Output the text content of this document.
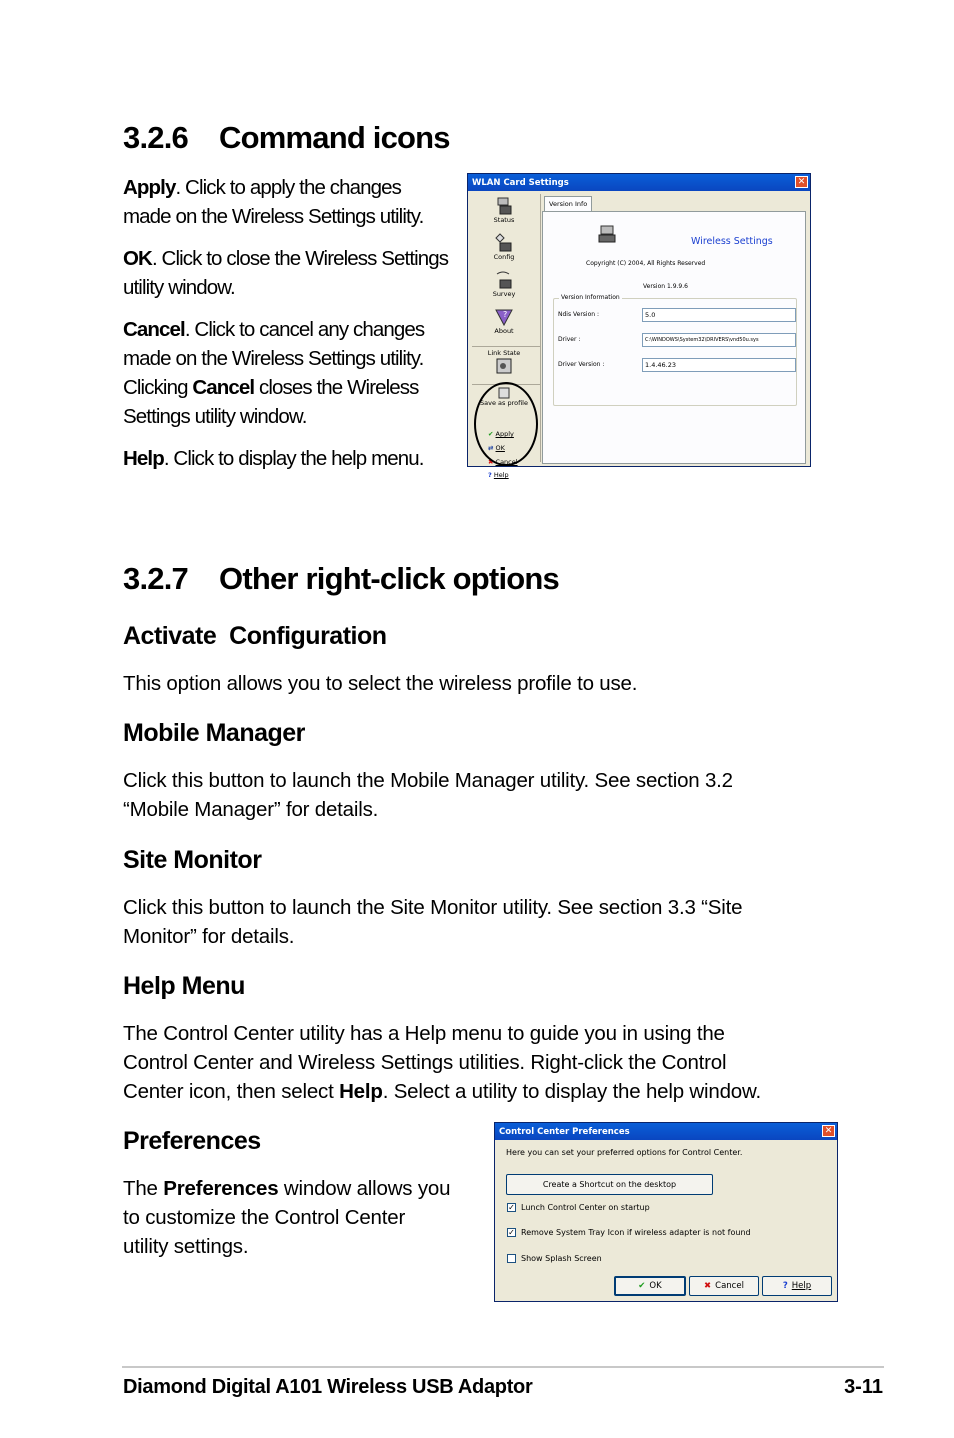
3.2.6 Command icons

Apply. Click to apply the changes made on the Wireless Settings utility.

OK. Click to close the Wireless Settings utility window.

Cancel. Click to cancel any changes made on the Wireless Settings utility. Clicking Cancel closes the Wireless Settings utility window.

Help. Click to display the help menu.

WLAN Card Settings	✕
Status
Config
Survey
?
About
Link State
Save as profile
✔ Apply
⇄ OK
✖ Cancel
? Help
Version Info
Wireless Settings
Copyright (C) 2004, All Rights Reserved
Version 1.9.9.6
Version Information
Ndis Version :	5.0
Driver :	C:\WINDOWS\System32\DRIVERS\vnd50u.sys
Driver Version :	1.4.46.23
3.2.7 Other right-click options
Activate  Configuration

This option allows you to select the wireless profile to use.

Mobile Manager

Click this button to launch the Mobile Manager utility. See section 3.2

“Mobile Manager” for details.

Site Monitor

Click this button to launch the Site Monitor utility. See section 3.3 “Site

Monitor” for details.

Help Menu

The Control Center utility has a Help menu to guide you in using the

Control Center and Wireless Settings utilities. Right-click the Control

Center icon, then select Help. Select a utility to display the help window.

Preferences

The Preferences window allows you

to customize the Control Center

utility settings.

Control Center Preferences	✕
Here you can set your preferred options for Control Center.
Create a Shortcut on the desktop
✓ Lunch Control Center on startup
✓ Remove System Tray Icon if wireless adapter is not found
Show Splash Screen
✔ OK	✖ Cancel	? Help
Diamond Digital A101 Wireless USB Adaptor	3-11
